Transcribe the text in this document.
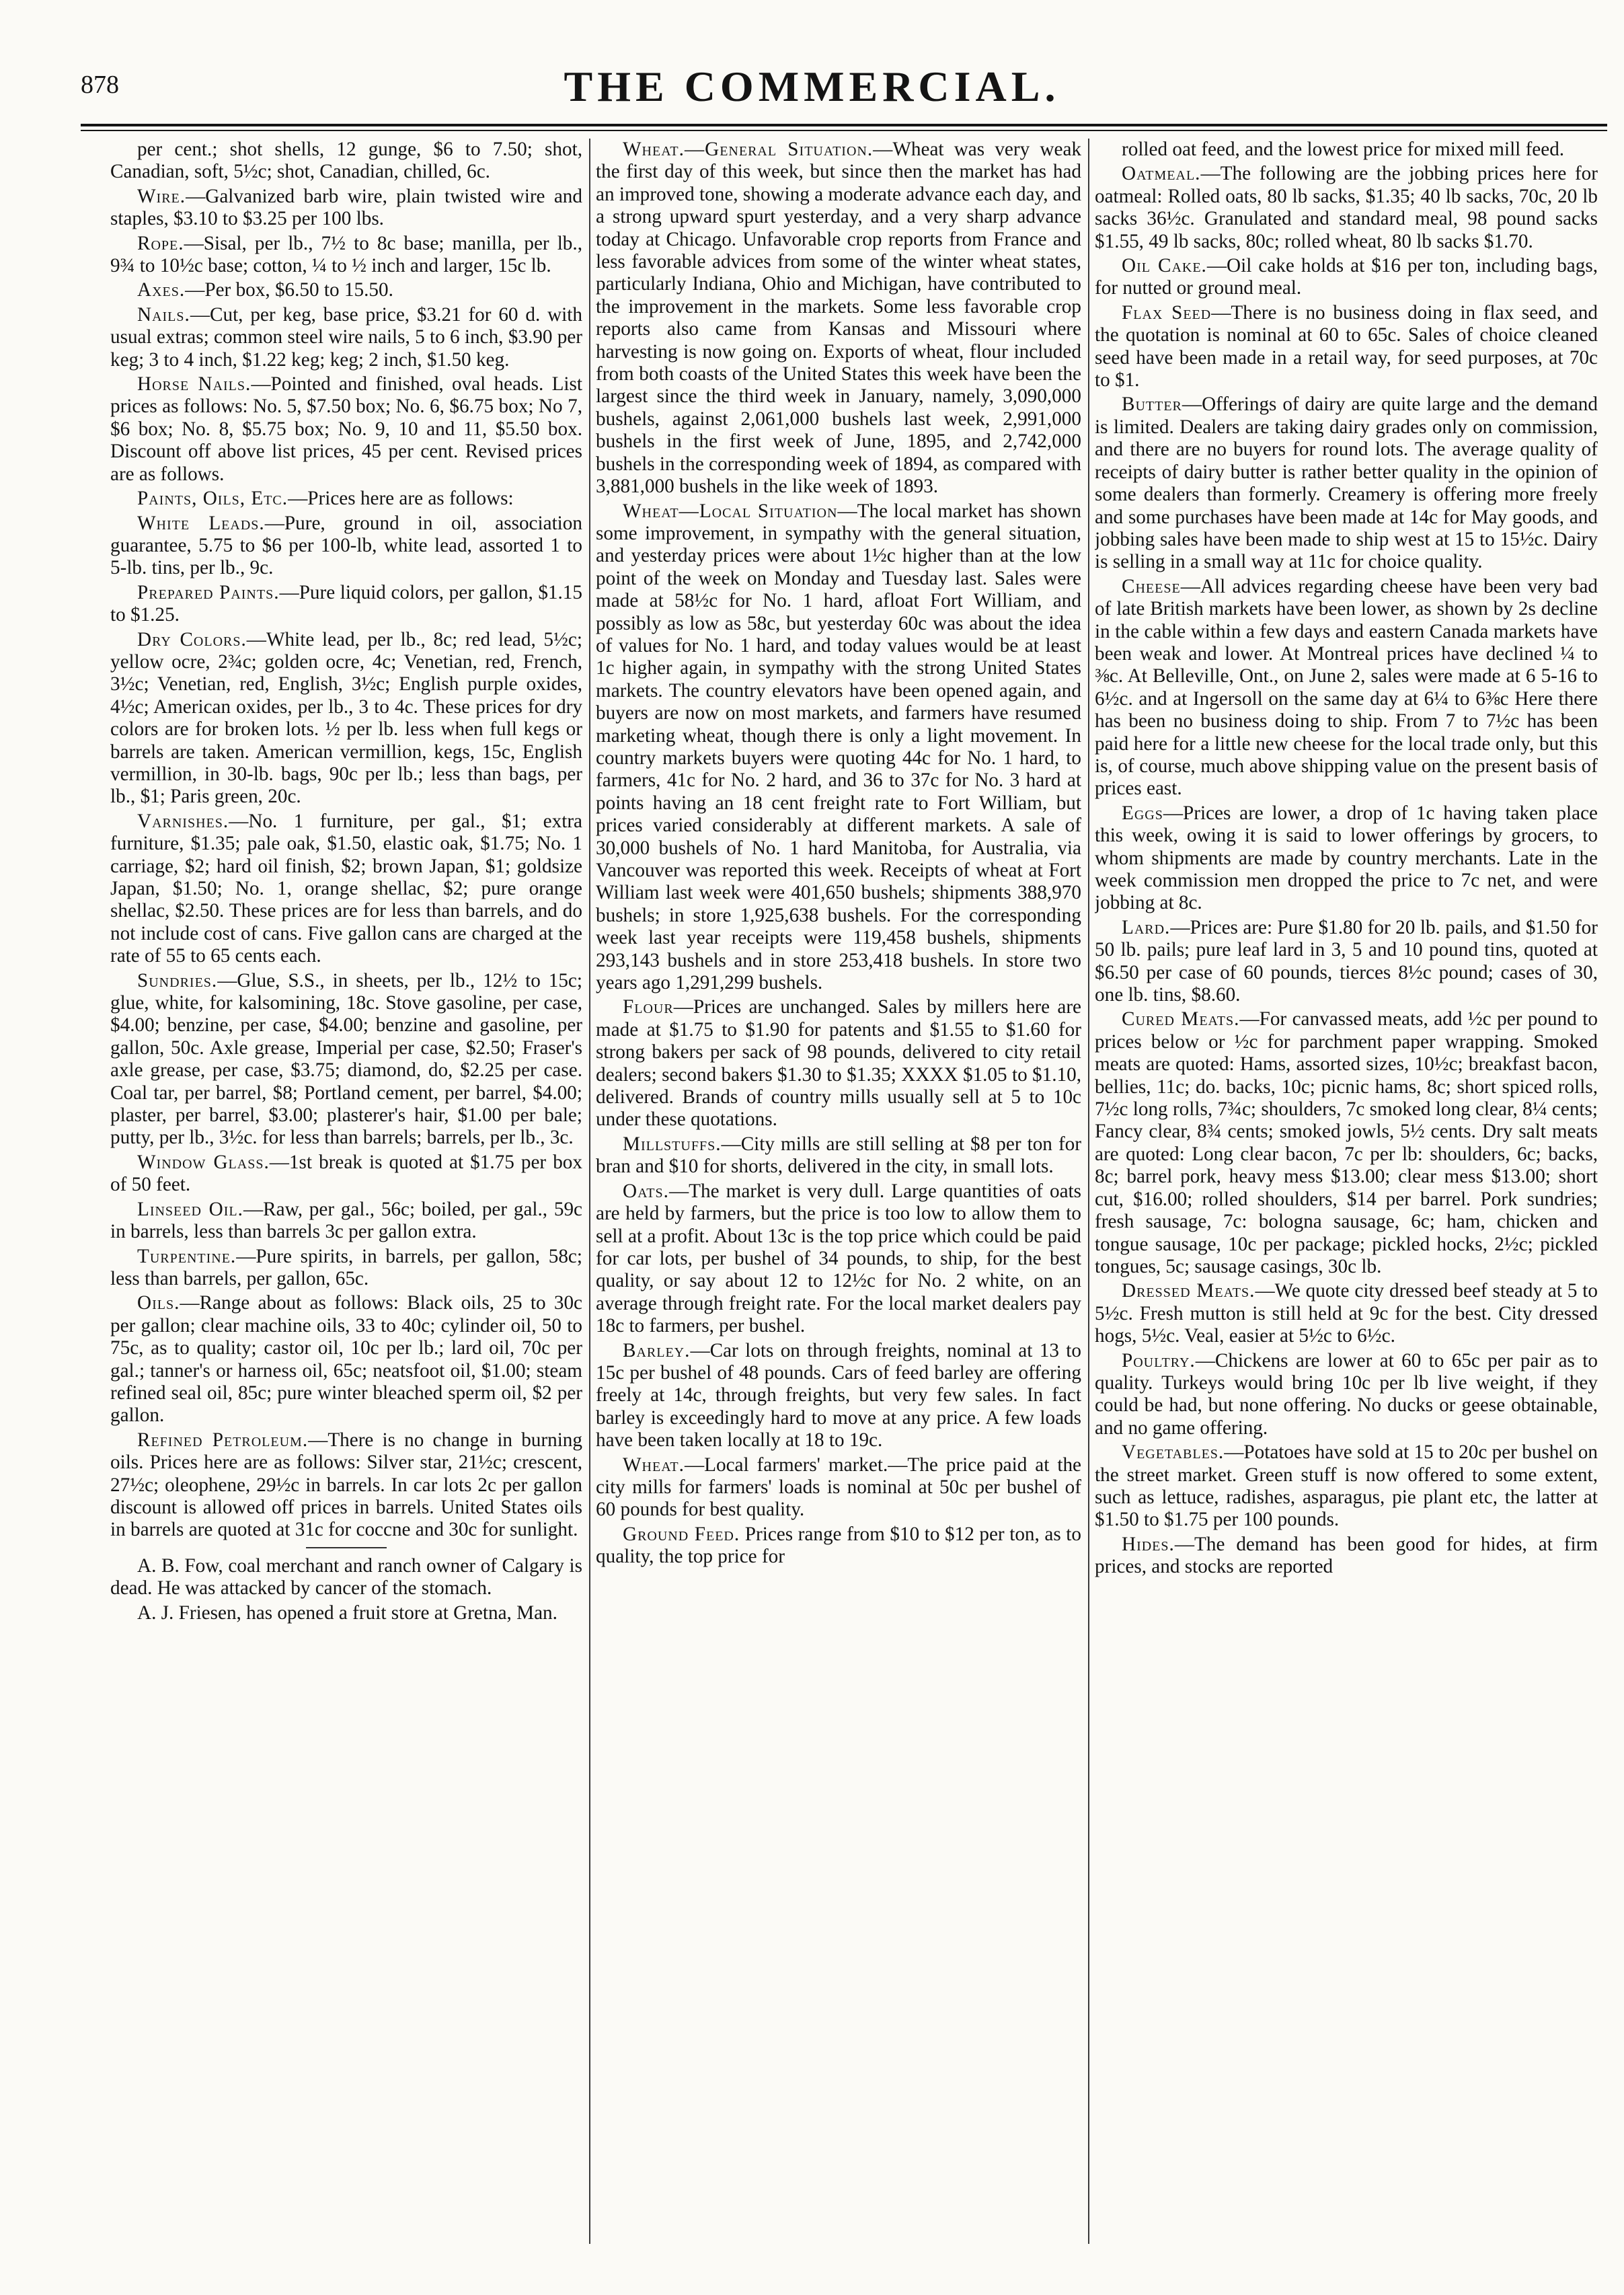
878	THE COMMERCIAL.

per cent.; shot shells, 12 gunge, $6 to 7.50; shot, Canadian, soft, 5½c; shot, Canadian, chilled, 6c.

Wire.—Galvanized barb wire, plain twisted wire and staples, $3.10 to $3.25 per 100 lbs.

Rope.—Sisal, per lb., 7½ to 8c base; manilla, per lb., 9¾ to 10½c base; cotton, ¼ to ½ inch and larger, 15c lb.

Axes.—Per box, $6.50 to 15.50.

Nails.—Cut, per keg, base price, $3.21 for 60 d. with usual extras; common steel wire nails, 5 to 6 inch, $3.90 per keg; 3 to 4 inch, $1.22 keg; keg; 2 inch, $1.50 keg.

Horse Nails.—Pointed and finished, oval heads. List prices as follows: No. 5, $7.50 box; No. 6, $6.75 box; No 7, $6 box; No. 8, $5.75 box; No. 9, 10 and 11, $5.50 box. Discount off above list prices, 45 per cent. Revised prices are as follows.

Paints, Oils, Etc.—Prices here are as follows:

White Leads.—Pure, ground in oil, association guarantee, 5.75 to $6 per 100-lb, white lead, assorted 1 to 5-lb. tins, per lb., 9c.

Prepared Paints.—Pure liquid colors, per gallon, $1.15 to $1.25.

Dry Colors.—White lead, per lb., 8c; red lead, 5½c; yellow ocre, 2¾c; golden ocre, 4c; Venetian, red, French, 3½c; Venetian, red, English, 3½c; English purple oxides, 4½c; American oxides, per lb., 3 to 4c. These prices for dry colors are for broken lots. ½ per lb. less when full kegs or barrels are taken. American vermillion, kegs, 15c, English vermillion, in 30-lb. bags, 90c per lb.; less than bags, per lb., $1; Paris green, 20c.

Varnishes.—No. 1 furniture, per gal., $1; extra furniture, $1.35; pale oak, $1.50, elastic oak, $1.75; No. 1 carriage, $2; hard oil finish, $2; brown Japan, $1; goldsize Japan, $1.50; No. 1, orange shellac, $2; pure orange shellac, $2.50. These prices are for less than barrels, and do not include cost of cans. Five gallon cans are charged at the rate of 55 to 65 cents each.

Sundries.—Glue, S.S., in sheets, per lb., 12½ to 15c; glue, white, for kalsomining, 18c. Stove gasoline, per case, $4.00; benzine, per case, $4.00; benzine and gasoline, per gallon, 50c. Axle grease, Imperial per case, $2.50; Fraser's axle grease, per case, $3.75; diamond, do, $2.25 per case. Coal tar, per barrel, $8; Portland cement, per barrel, $4.00; plaster, per barrel, $3.00; plasterer's hair, $1.00 per bale; putty, per lb., 3½c. for less than barrels; barrels, per lb., 3c.

Window Glass.—1st break is quoted at $1.75 per box of 50 feet.

Linseed Oil.—Raw, per gal., 56c; boiled, per gal., 59c in barrels, less than barrels 3c per gallon extra.

Turpentine.—Pure spirits, in barrels, per gallon, 58c; less than barrels, per gallon, 65c.

Oils.—Range about as follows: Black oils, 25 to 30c per gallon; clear machine oils, 33 to 40c; cylinder oil, 50 to 75c, as to quality; castor oil, 10c per lb.; lard oil, 70c per gal.; tanner's or harness oil, 65c; neatsfoot oil, $1.00; steam refined seal oil, 85c; pure winter bleached sperm oil, $2 per gallon.

Refined Petroleum.—There is no change in burning oils. Prices here are as follows: Silver star, 21½c; crescent, 27½c; oleophene, 29½c in barrels. In car lots 2c per gallon discount is allowed off prices in barrels. United States oils in barrels are quoted at 31c for coccne and 30c for sunlight.

A. B. Fow, coal merchant and ranch owner of Calgary is dead. He was attacked by cancer of the stomach.

A. J. Friesen, has opened a fruit store at Gretna, Man.

Wheat.—General Situation.—Wheat was very weak the first day of this week, but since then the market has had an improved tone, showing a moderate advance each day, and a strong upward spurt yesterday, and a very sharp advance today at Chicago. Unfavorable crop reports from France and less favorable advices from some of the winter wheat states, particularly Indiana, Ohio and Michigan, have contributed to the improvement in the markets. Some less favorable crop reports also came from Kansas and Missouri where harvesting is now going on. Exports of wheat, flour included from both coasts of the United States this week have been the largest since the third week in January, namely, 3,090,000 bushels, against 2,061,000 bushels last week, 2,991,000 bushels in the first week of June, 1895, and 2,742,000 bushels in the corresponding week of 1894, as compared with 3,881,000 bushels in the like week of 1893.

Wheat—Local Situation—The local market has shown some improvement, in sympathy with the general situation, and yesterday prices were about 1½c higher than at the low point of the week on Monday and Tuesday last. Sales were made at 58½c for No. 1 hard, afloat Fort William, and possibly as low as 58c, but yesterday 60c was about the idea of values for No. 1 hard, and today values would be at least 1c higher again, in sympathy with the strong United States markets. The country elevators have been opened again, and buyers are now on most markets, and farmers have resumed marketing wheat, though there is only a light movement. In country markets buyers were quoting 44c for No. 1 hard, to farmers, 41c for No. 2 hard, and 36 to 37c for No. 3 hard at points having an 18 cent freight rate to Fort William, but prices varied considerably at different markets. A sale of 30,000 bushels of No. 1 hard Manitoba, for Australia, via Vancouver was reported this week. Receipts of wheat at Fort William last week were 401,650 bushels; shipments 388,970 bushels; in store 1,925,638 bushels. For the corresponding week last year receipts were 119,458 bushels, shipments 293,143 bushels and in store 253,418 bushels. In store two years ago 1,291,299 bushels.

Flour—Prices are unchanged. Sales by millers here are made at $1.75 to $1.90 for patents and $1.55 to $1.60 for strong bakers per sack of 98 pounds, delivered to city retail dealers; second bakers $1.30 to $1.35; XXXX $1.05 to $1.10, delivered. Brands of country mills usually sell at 5 to 10c under these quotations.

Millstuffs.—City mills are still selling at $8 per ton for bran and $10 for shorts, delivered in the city, in small lots.

Oats.—The market is very dull. Large quantities of oats are held by farmers, but the price is too low to allow them to sell at a profit. About 13c is the top price which could be paid for car lots, per bushel of 34 pounds, to ship, for the best quality, or say about 12 to 12½c for No. 2 white, on an average through freight rate. For the local market dealers pay 18c to farmers, per bushel.

Barley.—Car lots on through freights, nominal at 13 to 15c per bushel of 48 pounds. Cars of feed barley are offering freely at 14c, through freights, but very few sales. In fact barley is exceedingly hard to move at any price. A few loads have been taken locally at 18 to 19c.

Wheat.—Local farmers' market.—The price paid at the city mills for farmers' loads is nominal at 50c per bushel of 60 pounds for best quality.

Ground Feed. Prices range from $10 to $12 per ton, as to quality, the top price for

rolled oat feed, and the lowest price for mixed mill feed.

Oatmeal.—The following are the jobbing prices here for oatmeal: Rolled oats, 80 lb sacks, $1.35; 40 lb sacks, 70c, 20 lb sacks 36½c. Granulated and standard meal, 98 pound sacks $1.55, 49 lb sacks, 80c; rolled wheat, 80 lb sacks $1.70.

Oil Cake.—Oil cake holds at $16 per ton, including bags, for nutted or ground meal.

Flax Seed—There is no business doing in flax seed, and the quotation is nominal at 60 to 65c. Sales of choice cleaned seed have been made in a retail way, for seed purposes, at 70c to $1.

Butter—Offerings of dairy are quite large and the demand is limited. Dealers are taking dairy grades only on commission, and there are no buyers for round lots. The average quality of receipts of dairy butter is rather better quality in the opinion of some dealers than formerly. Creamery is offering more freely and some purchases have been made at 14c for May goods, and jobbing sales have been made to ship west at 15 to 15½c. Dairy is selling in a small way at 11c for choice quality.

Cheese—All advices regarding cheese have been very bad of late British markets have been lower, as shown by 2s decline in the cable within a few days and eastern Canada markets have been weak and lower. At Montreal prices have declined ¼ to ⅜c. At Belleville, Ont., on June 2, sales were made at 6 5-16 to 6½c. and at Ingersoll on the same day at 6¼ to 6⅜c Here there has been no business doing to ship. From 7 to 7½c has been paid here for a little new cheese for the local trade only, but this is, of course, much above shipping value on the present basis of prices east.

Eggs—Prices are lower, a drop of 1c having taken place this week, owing it is said to lower offerings by grocers, to whom shipments are made by country merchants. Late in the week commission men dropped the price to 7c net, and were jobbing at 8c.

Lard.—Prices are: Pure $1.80 for 20 lb. pails, and $1.50 for 50 lb. pails; pure leaf lard in 3, 5 and 10 pound tins, quoted at $6.50 per case of 60 pounds, tierces 8½c pound; cases of 30, one lb. tins, $8.60.

Cured Meats.—For canvassed meats, add ½c per pound to prices below or ½c for parchment paper wrapping. Smoked meats are quoted: Hams, assorted sizes, 10½c; breakfast bacon, bellies, 11c; do. backs, 10c; picnic hams, 8c; short spiced rolls, 7½c long rolls, 7¾c; shoulders, 7c smoked long clear, 8¼ cents; Fancy clear, 8¾ cents; smoked jowls, 5½ cents. Dry salt meats are quoted: Long clear bacon, 7c per lb: shoulders, 6c; backs, 8c; barrel pork, heavy mess $13.00; clear mess $13.00; short cut, $16.00; rolled shoulders, $14 per barrel. Pork sundries; fresh sausage, 7c: bologna sausage, 6c; ham, chicken and tongue sausage, 10c per package; pickled hocks, 2½c; pickled tongues, 5c; sausage casings, 30c lb.

Dressed Meats.—We quote city dressed beef steady at 5 to 5½c. Fresh mutton is still held at 9c for the best. City dressed hogs, 5½c. Veal, easier at 5½c to 6½c.

Poultry.—Chickens are lower at 60 to 65c per pair as to quality. Turkeys would bring 10c per lb live weight, if they could be had, but none offering. No ducks or geese obtainable, and no game offering.

Vegetables.—Potatoes have sold at 15 to 20c per bushel on the street market. Green stuff is now offered to some extent, such as lettuce, radishes, asparagus, pie plant etc, the latter at $1.50 to $1.75 per 100 pounds.

Hides.—The demand has been good for hides, at firm prices, and stocks are reported
